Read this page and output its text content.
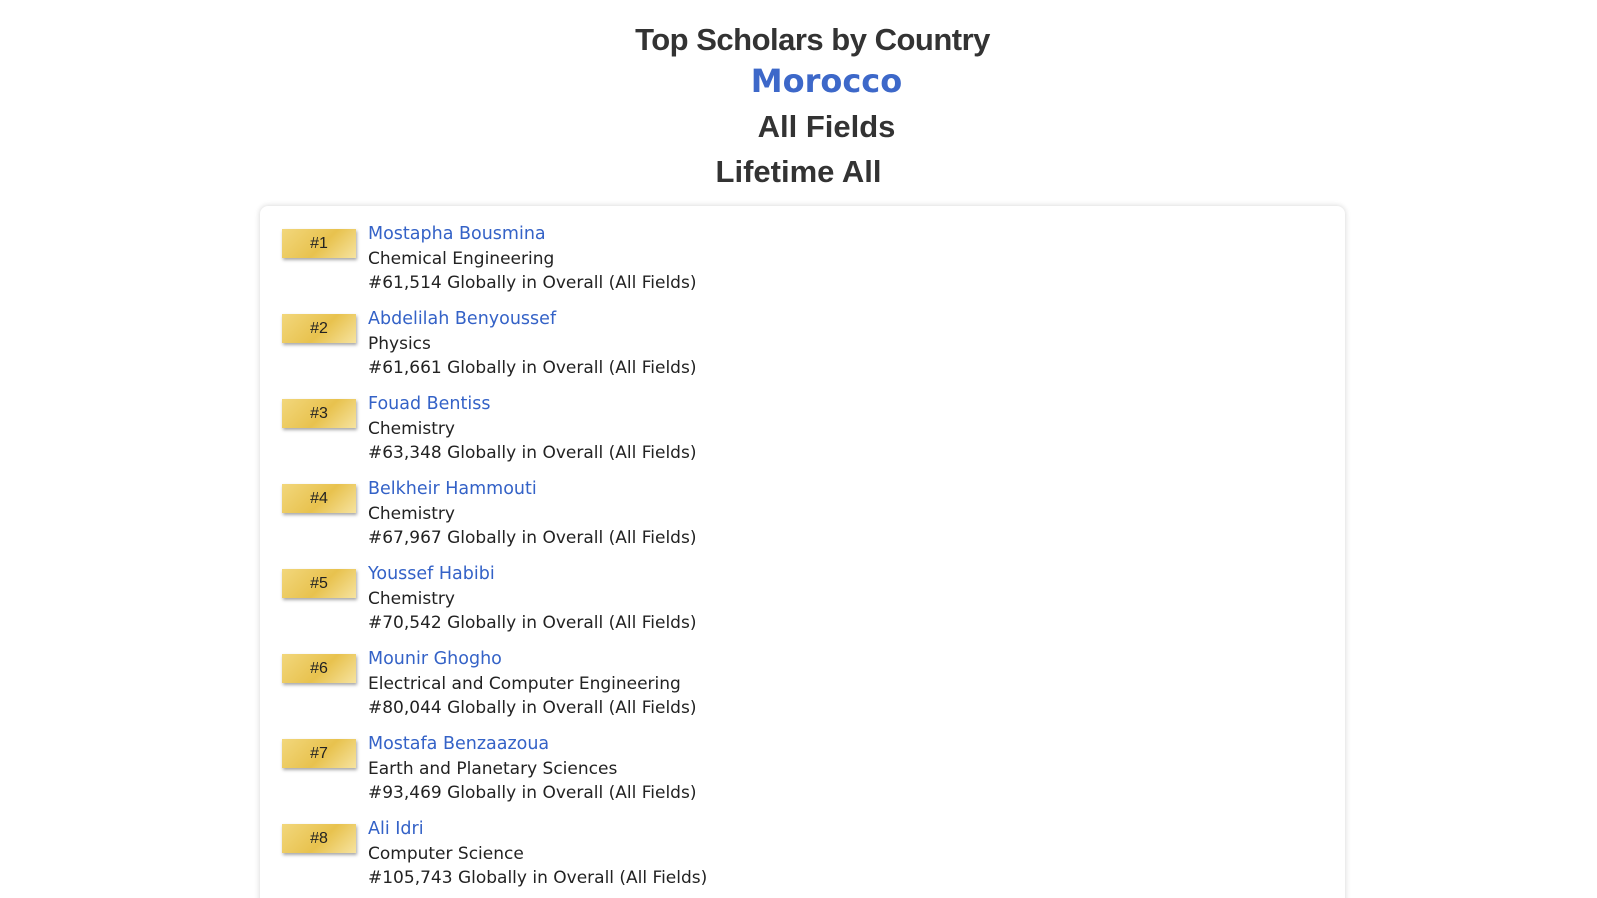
Top Scholars by Country
Morocco
All Fields
Lifetime All
#1	Mostapha Bousmina
Chemical Engineering
#61,514 Globally in Overall (All Fields)
#2	Abdelilah Benyoussef
Physics
#61,661 Globally in Overall (All Fields)
#3	Fouad Bentiss
Chemistry
#63,348 Globally in Overall (All Fields)
#4	Belkheir Hammouti
Chemistry
#67,967 Globally in Overall (All Fields)
#5	Youssef Habibi
Chemistry
#70,542 Globally in Overall (All Fields)
#6	Mounir Ghogho
Electrical and Computer Engineering
#80,044 Globally in Overall (All Fields)
#7	Mostafa Benzaazoua
Earth and Planetary Sciences
#93,469 Globally in Overall (All Fields)
#8	Ali Idri
Computer Science
#105,743 Globally in Overall (All Fields)
